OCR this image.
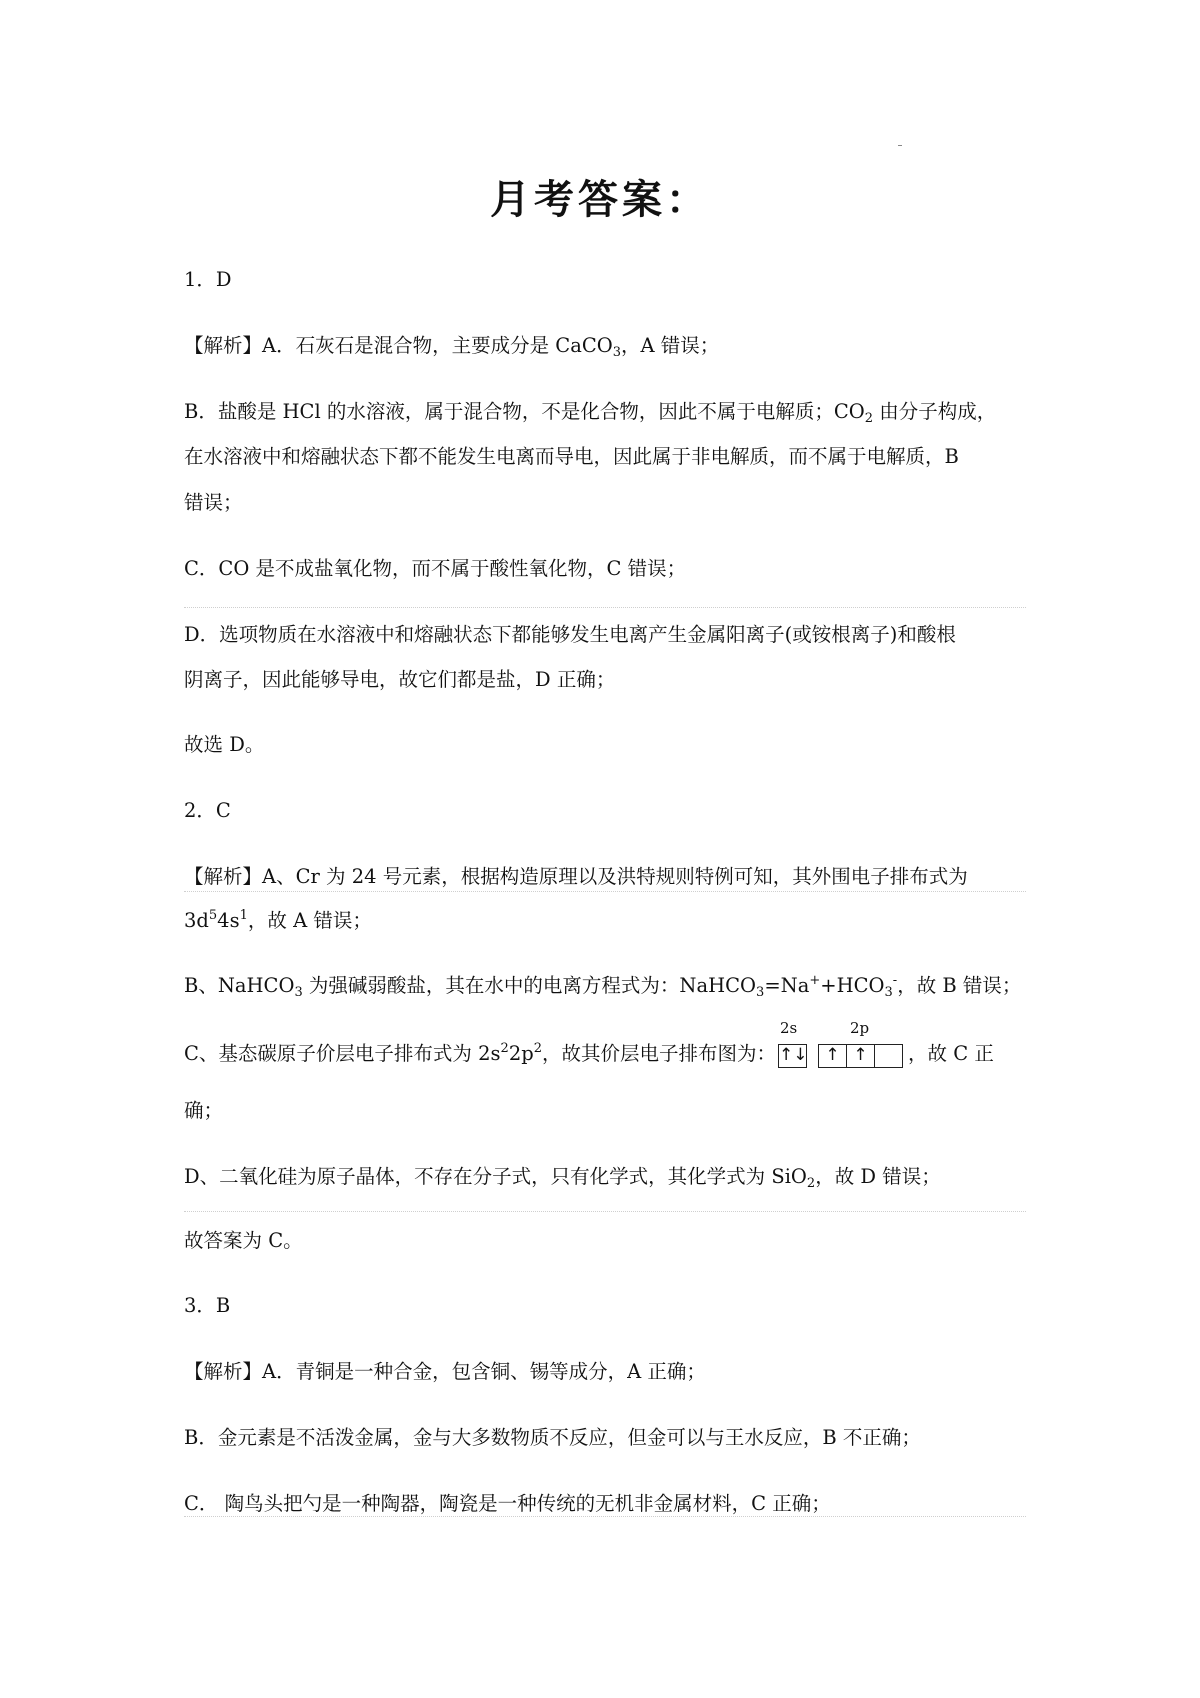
月考答案：
1．D
【解析】A．石灰石是混合物，主要成分是 CaCO$_3$，A 错误；
B．盐酸是 HCl 的水溶液，属于混合物，不是化合物，因此不属于电解质；$CO_2$ 由分子构成，
在水溶液中和熔融状态下都不能发生电离而导电，因此属于非电解质，而不属于电解质，B
错误；
C．CO 是不成盐氧化物，而不属于酸性氧化物，C 错误；
D．选项物质在水溶液中和熔融状态下都能够发生电离产生金属阳离子(或铵根离子)和酸根
阴离子，因此能够导电，故它们都是盐，D 正确；
故选 D。
2．C
【解析】A、Cr 为 24 号元素，根据构造原理以及洪特规则特例可知，其外围电子排布式为
$3d^54s^1$，故 A 错误；
B、NaHCO$_3$ 为强碱弱酸盐，其在水中的电离方程式为：$NaHCO_3=Na^++HCO_3^-$，故 B 错误；
C、基态碳原子价层电子排布式为 $2s^22p^2$，故其价层电子排布图为：
2s	2p
↑↓	↑ ↑	，故 C 正
确；
D、二氧化硅为原子晶体，不存在分子式，只有化学式，其化学式为 SiO$_2$，故 D 错误；
故答案为 C。
3．B
【解析】A．青铜是一种合金，包含铜、锡等成分，A 正确；
B．金元素是不活泼金属，金与大多数物质不反应，但金可以与王水反应，B 不正确；
C． 陶鸟头把勺是一种陶器，陶瓷是一种传统的无机非金属材料，C 正确；
